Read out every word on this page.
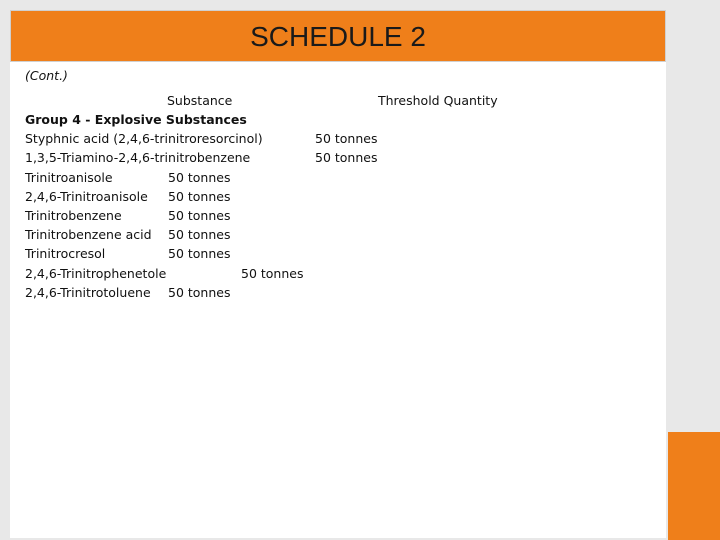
SCHEDULE 2
(Cont.)
Substance	Threshold Quantity
Group 4 - Explosive Substances
Styphnic acid (2,4,6-trinitroresorcinol)	50 tonnes
1,3,5-Triamino-2,4,6-trinitrobenzene	50 tonnes
Trinitroanisole	50 tonnes
2,4,6-Trinitroanisole 50 tonnes
Trinitrobenzene	50 tonnes
Trinitrobenzene acid 50 tonnes
Trinitrocresol	50 tonnes
2,4,6-Trinitrophenetole	50 tonnes
2,4,6-Trinitrotoluene 50 tonnes
